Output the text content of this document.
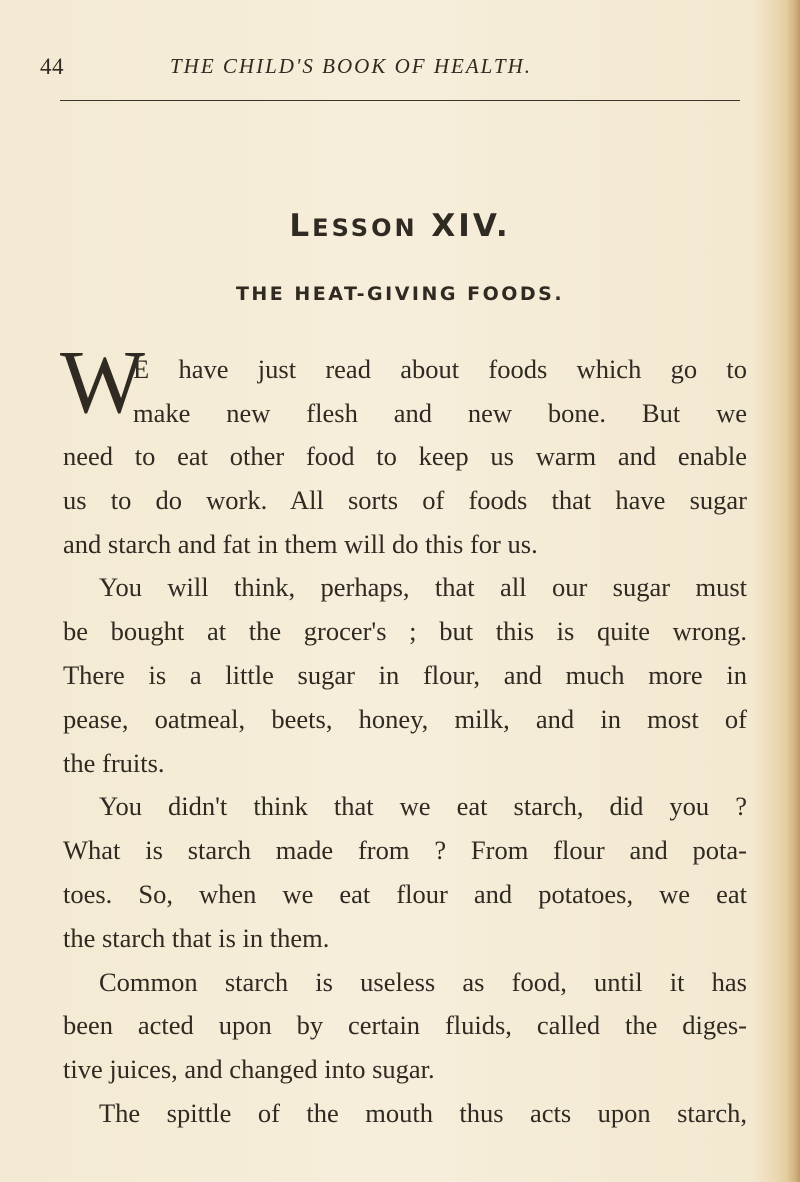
44	THE CHILD'S BOOK OF HEALTH.
LESSON XIV.
THE HEAT-GIVING FOODS.
W
E have just read about foods which go to
make new flesh and new bone. But we
need to eat other food to keep us warm and enable
us to do work. All sorts of foods that have sugar
and starch and fat in them will do this for us.
You will think, perhaps, that all our sugar must
be bought at the grocer's ; but this is quite wrong.
There is a little sugar in flour, and much more in
pease, oatmeal, beets, honey, milk, and in most of
the fruits.
You didn't think that we eat starch, did you ?
What is starch made from ? From flour and pota-
toes. So, when we eat flour and potatoes, we eat
the starch that is in them.
Common starch is useless as food, until it has
been acted upon by certain fluids, called the diges-
tive juices, and changed into sugar.
The spittle of the mouth thus acts upon starch,
